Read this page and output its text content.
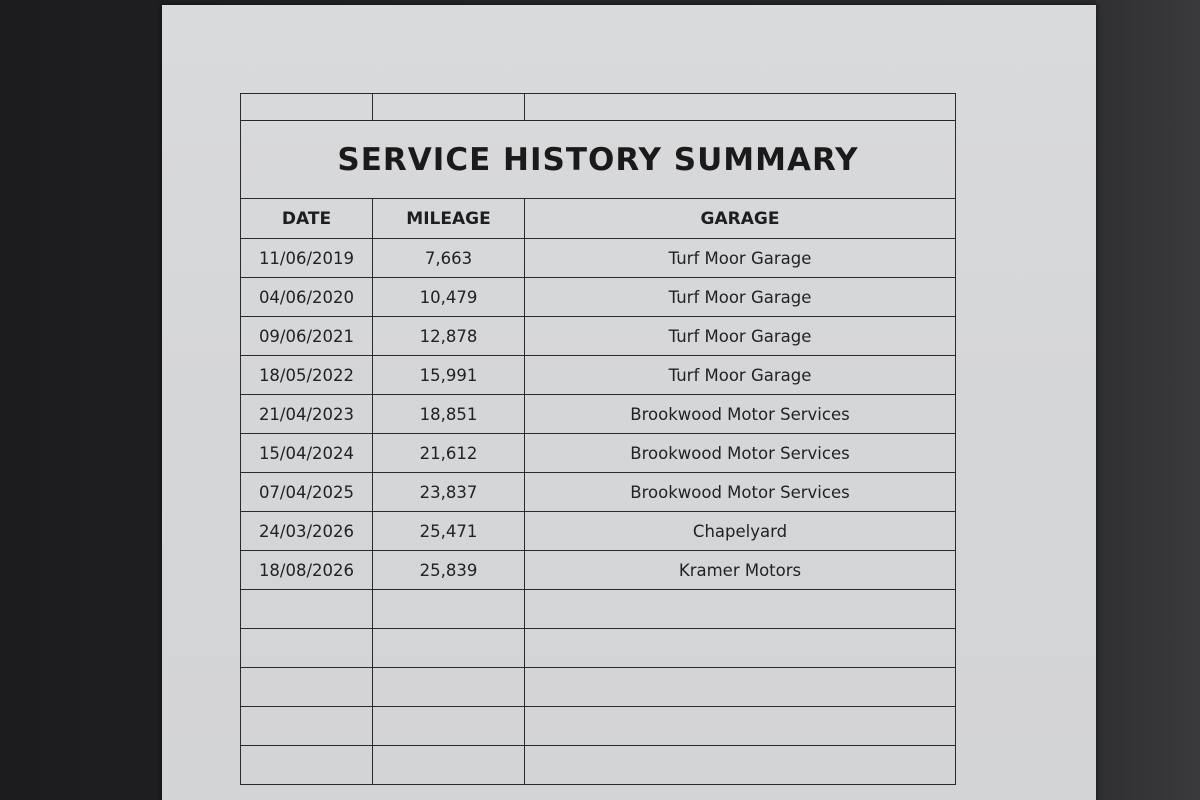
SERVICE HISTORY SUMMARY		
DATE	MILEAGE	GARAGE
11/06/2019	7,663	Turf Moor Garage
04/06/2020	10,479	Turf Moor Garage
09/06/2021	12,878	Turf Moor Garage
18/05/2022	15,991	Turf Moor Garage
21/04/2023	18,851	Brookwood Motor Services
15/04/2024	21,612	Brookwood Motor Services
07/04/2025	23,837	Brookwood Motor Services
24/03/2026	25,471	Chapelyard
18/08/2026	25,839	Kramer Motors
